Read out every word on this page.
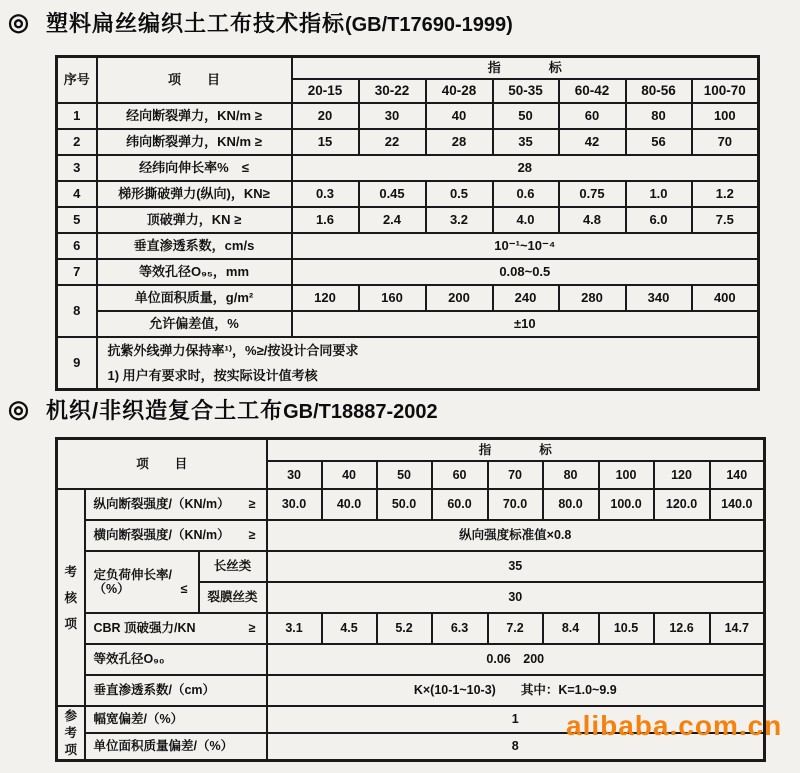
◎ 塑料扁丝编织土工布技术指标(GB/T17690-1999)
序号	项目	指标						
		20-15	30-22	40-28	50-35	60-42	80-56	100-70
1	经向断裂弹力，KN/m ≥	20	30	40	50	60	80	100
2	纬向断裂弹力，KN/m ≥	15	22	28	35	42	56	70
3	经纬向伸长率%　≤	28						
4	梯形撕破弹力(纵向)，KN≥	0.3	0.45	0.5	0.6	0.75	1.0	1.2
5	顶破弹力，KN ≥	1.6	2.4	3.2	4.0	4.8	6.0	7.5
6	垂直渗透系数，cm/s	10⁻¹~10⁻⁴						
7	等效孔径O₉₅，mm	0.08~0.5						
8	单位面积质量，g/m²	120	160	200	240	280	340	400
	允许偏差值，%	±10						
9	抗紫外线弹力保持率¹⁾，%≥/按设计合同要求
1) 用户有要求时，按实际设计值考核							
◎ 机织/非织造复合土工布GB/T18887-2002
项目			指标								
			30	40	50	60	70	80	100	120	140

考
核
项

纵向断裂强度/（KN/m） ≥	30.0	40.0	50.0	60.0	70.0	80.0	100.0	120.0	140.0

	横向断裂强度/（KN/m） ≥		纵向强度标准值×0.8								

	定负荷伸长率/
（%） ≤	长丝类	35								
		裂膜丝类	30								

	CBR 顶破强力/KN ≥		3.1	4.5	5.2	6.3	7.2	8.4	10.5	12.6	14.7

	等效孔径O₉₀		0.06　200								

	垂直渗透系数/（cm）		K×(10-1~10-3)　　其中：K=1.0~9.9								

参
考
项	幅宽偏差/（%）		1								

	单位面积质量偏差/（%）		8								
alibaba.com.cn
